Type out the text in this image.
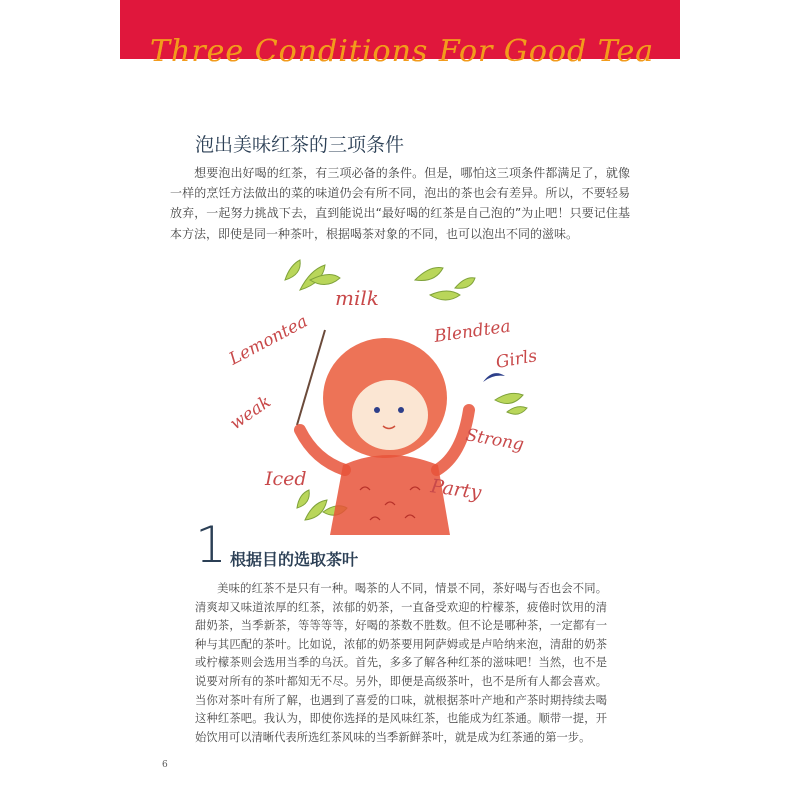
Three Conditions For Good Tea
泡出美味红茶的三项条件
想要泡出好喝的红茶，有三项必备的条件。但是，哪怕这三项条件都满足了，就像一样的烹饪方法做出的菜的味道仍会有所不同，泡出的茶也会有差异。所以，不要轻易放弃，一起努力挑战下去，直到能说出“最好喝的红茶是自己泡的”为止吧！只要记住基本方法，即使是同一种茶叶，根据喝茶对象的不同，也可以泡出不同的滋味。
Lemontea
milk
Blendtea
Girls
weak
Strong
Iced	Party
1 根据目的选取茶叶
美味的红茶不是只有一种。喝茶的人不同，情景不同，茶好喝与否也会不同。清爽却又味道浓厚的红茶，浓郁的奶茶，一直备受欢迎的柠檬茶，疲倦时饮用的清甜奶茶，当季新茶，等等等等，好喝的茶数不胜数。但不论是哪种茶，一定都有一种与其匹配的茶叶。比如说，浓郁的奶茶要用阿萨姆或是卢哈纳来泡，清甜的奶茶或柠檬茶则会选用当季的乌沃。首先，多多了解各种红茶的滋味吧！当然，也不是说要对所有的茶叶都知无不尽。另外，即便是高级茶叶，也不是所有人都会喜欢。当你对茶叶有所了解，也遇到了喜爱的口味，就根据茶叶产地和产茶时期持续去喝这种红茶吧。我认为，即使你选择的是风味红茶，也能成为红茶通。顺带一提，开始饮用可以清晰代表所选红茶风味的当季新鲜茶叶，就是成为红茶通的第一步。
6
